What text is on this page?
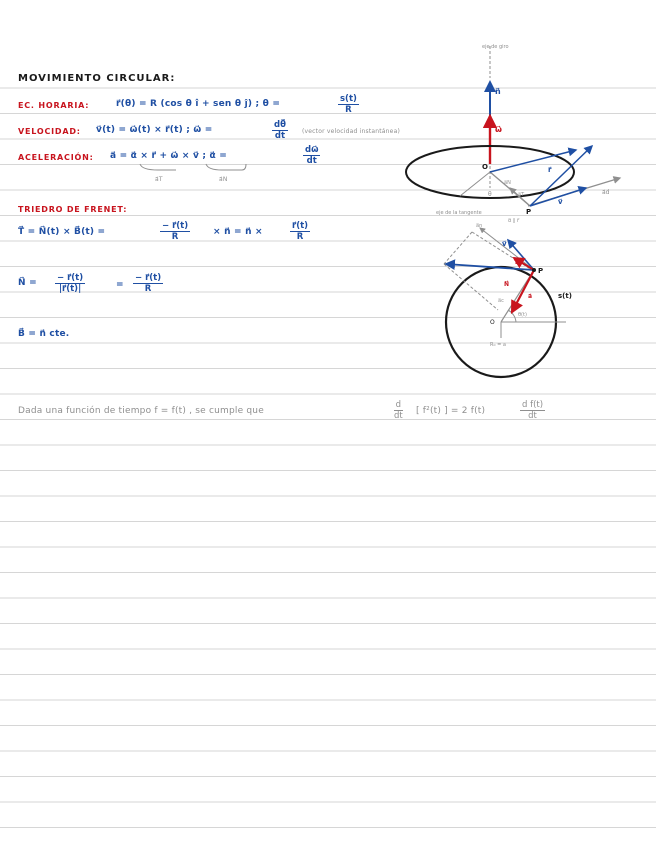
MOVIMIENTO CIRCULAR:
EC. HORARIA:	r⃗(θ) = R (cos θ î + sen θ ĵ) ; θ =	$\frac{s(t)}{R}$
VELOCIDAD: v⃗(t) = ω⃗(t) × r⃗(t) ; ω⃗ =	$\frac{d\theta⃗}{dt}$ (vector velocidad instantánea)
ACELERACIÓN: a⃗ = α⃗ × r⃗ + ω⃗ × v⃗ ; α⃗ =	$\frac{d\omega⃗}{dt}$
a⃗T	a⃗N
TRIEDRO DE FRENET:
T⃗ = N⃗(t) × B⃗(t) =	$\frac{- r⃗(t)}{R}$	× n⃗ = n⃗ ×	$\frac{r⃗(t)}{R}$
N⃗ = $\frac{- r⃗(t)}{|r⃗(t)|}$	= $\frac{- r⃗(t)}{R}$
B⃗ = n⃗ cte.
Dada una función de tiempo f = f(t) , se cumple que	$\frac{d}{dt}$ [ f²(t) ] = 2 f(t)	$\frac{\text{d f(t)}}{dt}$
eje de giro
n⃗
ω⃗
O
θ
r⃗
v⃗
P
eje de la tangente
a⃗N
a⃗T
α⃗ ∥ r⃗
a⃗d
a⃗n
v⃗
T⃗
P
a⃗
N⃗
a⃗c
s(t)
O
θ(t)
R₀ = a
